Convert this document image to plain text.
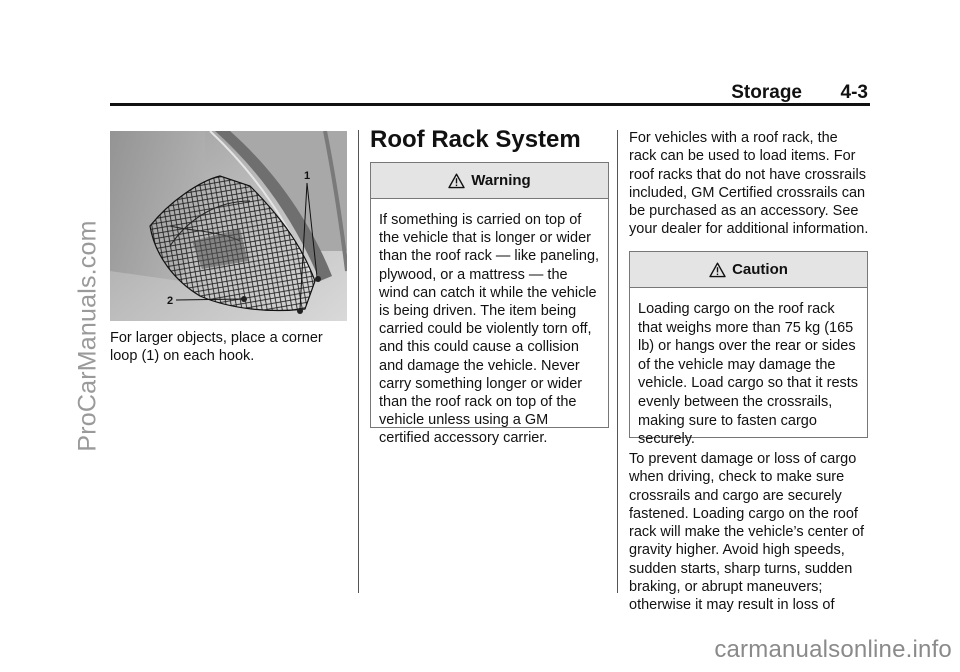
ProCarManuals.com
Storage 4-3
1
2
For larger objects, place a corner loop (1) on each hook.
Roof Rack System
Warning
If something is carried on top of the vehicle that is longer or wider than the roof rack — like paneling, plywood, or a mattress — the wind can catch it while the vehicle is being driven. The item being carried could be violently torn off, and this could cause a collision and damage the vehicle. Never carry something longer or wider than the roof rack on top of the vehicle unless using a GM certified accessory carrier.
For vehicles with a roof rack, the rack can be used to load items. For roof racks that do not have crossrails included, GM Certified crossrails can be purchased as an accessory. See your dealer for additional information.
Caution
Loading cargo on the roof rack that weighs more than 75 kg (165 lb) or hangs over the rear or sides of the vehicle may damage the vehicle. Load cargo so that it rests evenly between the crossrails, making sure to fasten cargo securely.
To prevent damage or loss of cargo when driving, check to make sure crossrails and cargo are securely fastened. Loading cargo on the roof rack will make the vehicle’s center of gravity higher. Avoid high speeds, sudden starts, sharp turns, sudden braking, or abrupt maneuvers; otherwise it may result in loss of
carmanualsonline.info
